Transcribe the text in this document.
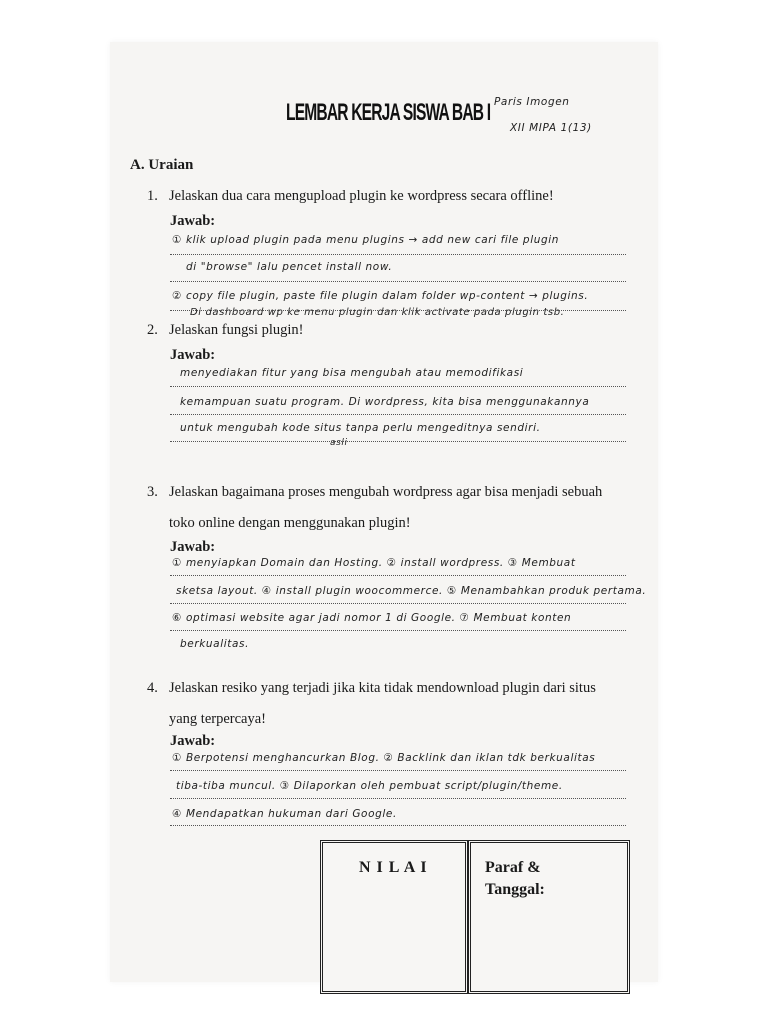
LEMBAR KERJA SISWA BAB I Paris Imogen
XII MIPA 1(13)
A. Uraian
1. Jelaskan dua cara mengupload plugin ke wordpress secara offline!
Jawab:
① klik upload plugin pada menu plugins → add new cari file plugin
di "browse" lalu pencet install now.
② copy file plugin, paste file plugin dalam folder wp-content → plugins.
Di dashboard wp ke menu plugin dan klik activate pada plugin tsb.
2. Jelaskan fungsi plugin!
Jawab:
menyediakan fitur yang bisa mengubah atau memodifikasi
kemampuan suatu program. Di wordpress, kita bisa menggunakannya
untuk mengubah kode situs tanpa perlu mengeditnya sendiri.
asli
3. Jelaskan bagaimana proses mengubah wordpress agar bisa menjadi sebuah
toko online dengan menggunakan plugin!
Jawab:
① menyiapkan Domain dan Hosting. ② install wordpress. ③ Membuat
sketsa layout. ④ install plugin woocommerce. ⑤ Menambahkan produk pertama.
⑥ optimasi website agar jadi nomor 1 di Google. ⑦ Membuat konten
berkualitas.
4. Jelaskan resiko yang terjadi jika kita tidak mendownload plugin dari situs
yang terpercaya!
Jawab:
① Berpotensi menghancurkan Blog. ② Backlink dan iklan tdk berkualitas
tiba-tiba muncul. ③ Dilaporkan oleh pembuat script/plugin/theme.
④ Mendapatkan hukuman dari Google.
N I L A I	Paraf &
Tanggal:
